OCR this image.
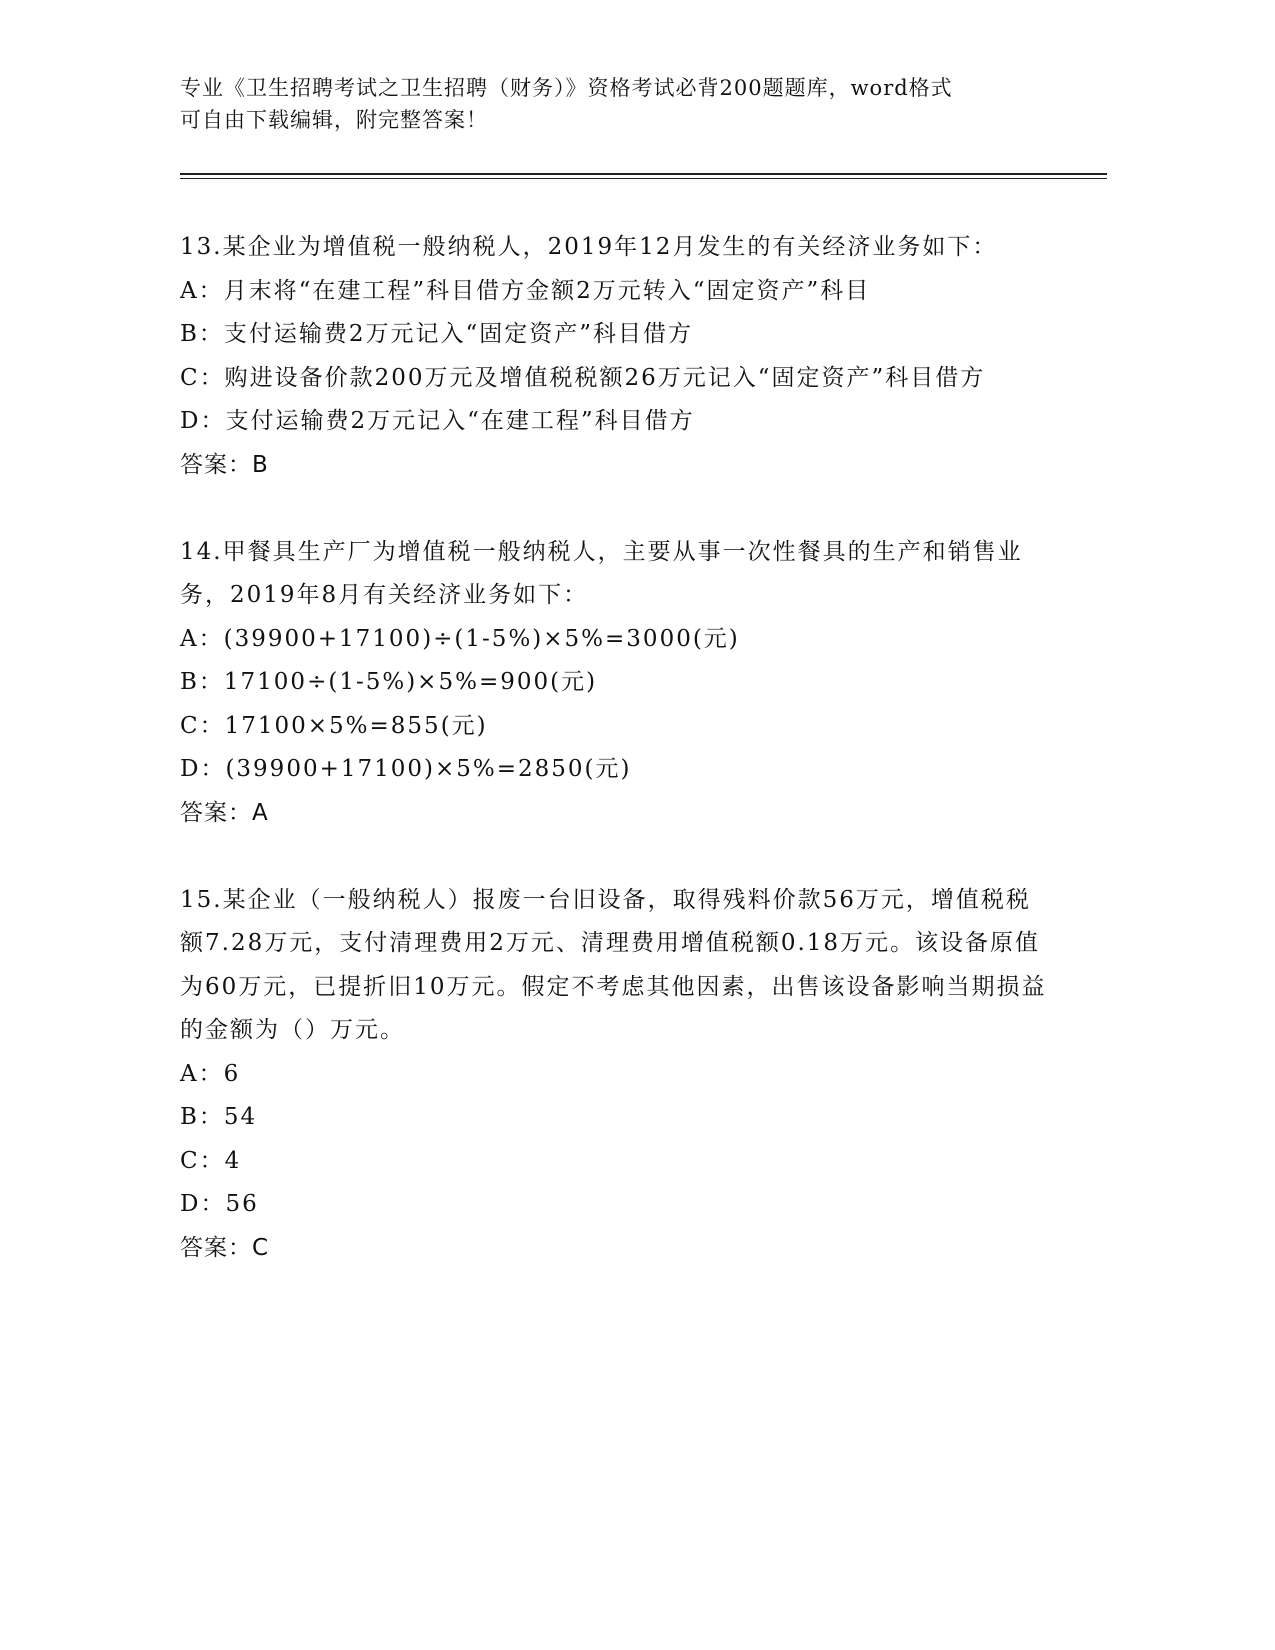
专业《卫生招聘考试之卫生招聘（财务）》资格考试必背200题题库，word格式
可自由下载编辑，附完整答案！

13.某企业为增值税一般纳税人，2019年12月发生的有关经济业务如下：

A：月末将“在建工程”科目借方金额2万元转入“固定资产”科目

B：支付运输费2万元记入“固定资产”科目借方

C：购进设备价款200万元及增值税税额26万元记入“固定资产”科目借方

D：支付运输费2万元记入“在建工程”科目借方

答案：B

14.甲餐具生产厂为增值税一般纳税人，主要从事一次性餐具的生产和销售业务，2019年8月有关经济业务如下：

A：(39900+17100)÷(1-5%)×5%=3000(元)

B：17100÷(1-5%)×5%=900(元)

C：17100×5%=855(元)

D：(39900+17100)×5%=2850(元)

答案：A

15.某企业（一般纳税人）报废一台旧设备，取得残料价款56万元，增值税税额7.28万元，支付清理费用2万元、清理费用增值税额0.18万元。该设备原值为60万元，已提折旧10万元。假定不考虑其他因素，出售该设备影响当期损益的金额为（）万元。

A：6

B：54

C：4

D：56

答案：C
